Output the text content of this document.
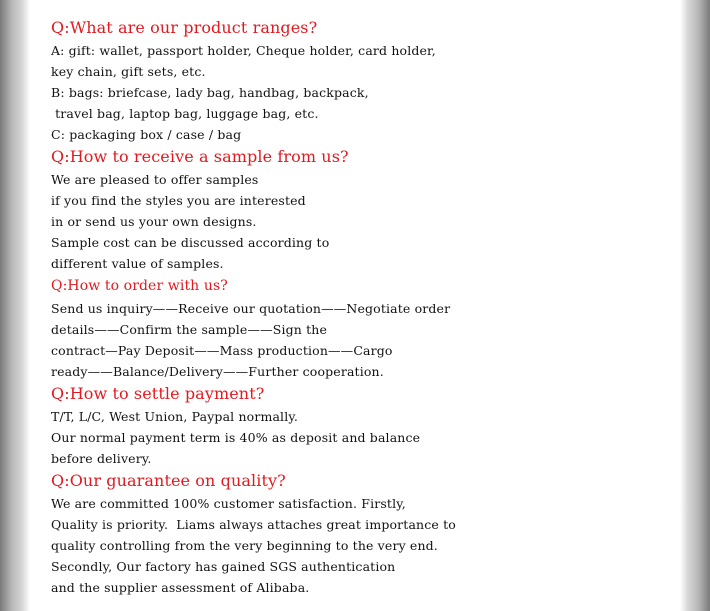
Q:What are our product ranges?
A: gift: wallet, passport holder, Cheque holder, card holder,
key chain, gift sets, etc.
B: bags: briefcase, lady bag, handbag, backpack,
travel bag, laptop bag, luggage bag, etc.
C: packaging box / case / bag
Q:How to receive a sample from us?
We are pleased to offer samples
if you find the styles you are interested
in or send us your own designs.
Sample cost can be discussed according to
different value of samples.
Q:How to order with us?
Send us inquiry——Receive our quotation——Negotiate order
details——Confirm the sample——Sign the
contract—Pay Deposit——Mass production——Cargo
ready——Balance/Delivery——Further cooperation.
Q:How to settle payment?
T/T, L/C, West Union, Paypal normally.
Our normal payment term is 40% as deposit and balance
before delivery.
Q:Our guarantee on quality?
We are committed 100% customer satisfaction. Firstly,
Quality is priority.  Liams always attaches great importance to
quality controlling from the very beginning to the very end.
Secondly, Our factory has gained SGS authentication
and the supplier assessment of Alibaba.
